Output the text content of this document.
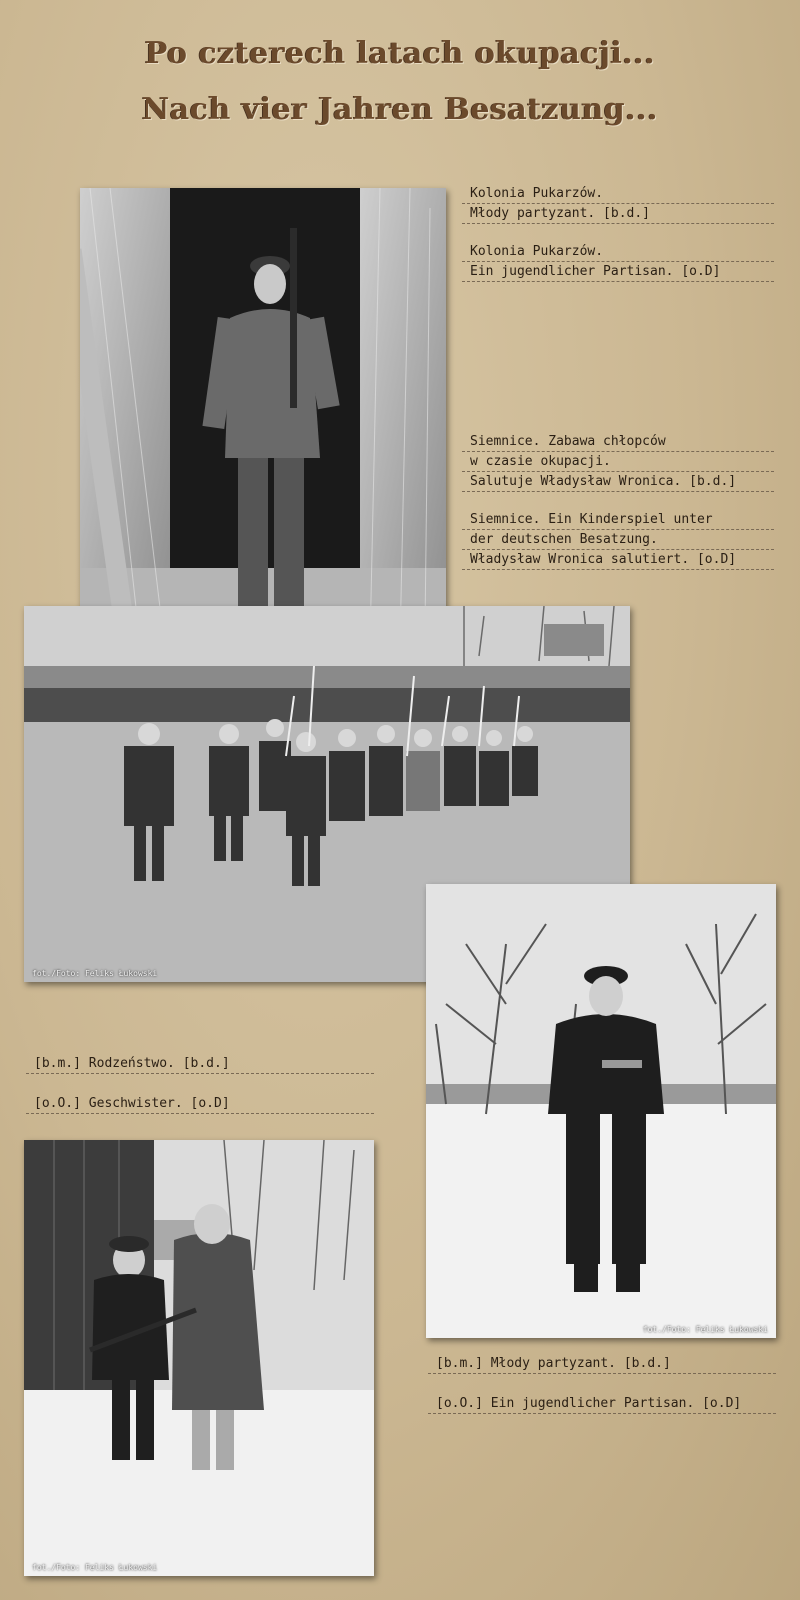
Po czterech latach okupacji...
Nach vier Jahren Besatzung...
Kolonia Pukarzów.
Młody partyzant. [b.d.]
Kolonia Pukarzów.
Ein jugendlicher Partisan. [o.D]
Siemnice. Zabawa chłopców
w czasie okupacji.
Salutuje Władysław Wronica. [b.d.]
Siemnice. Ein Kinderspiel unter
der deutschen Besatzung.
Władysław Wronica salutiert. [o.D]
fot./Foto: Feliks Łukowski
fot./Foto: Feliks Łukowski
[b.m.] Rodzeństwo. [b.d.]
[o.O.] Geschwister. [o.D]
fot./Foto: Feliks Łukowski
[b.m.] Młody partyzant. [b.d.]
[o.O.] Ein jugendlicher Partisan. [o.D]
